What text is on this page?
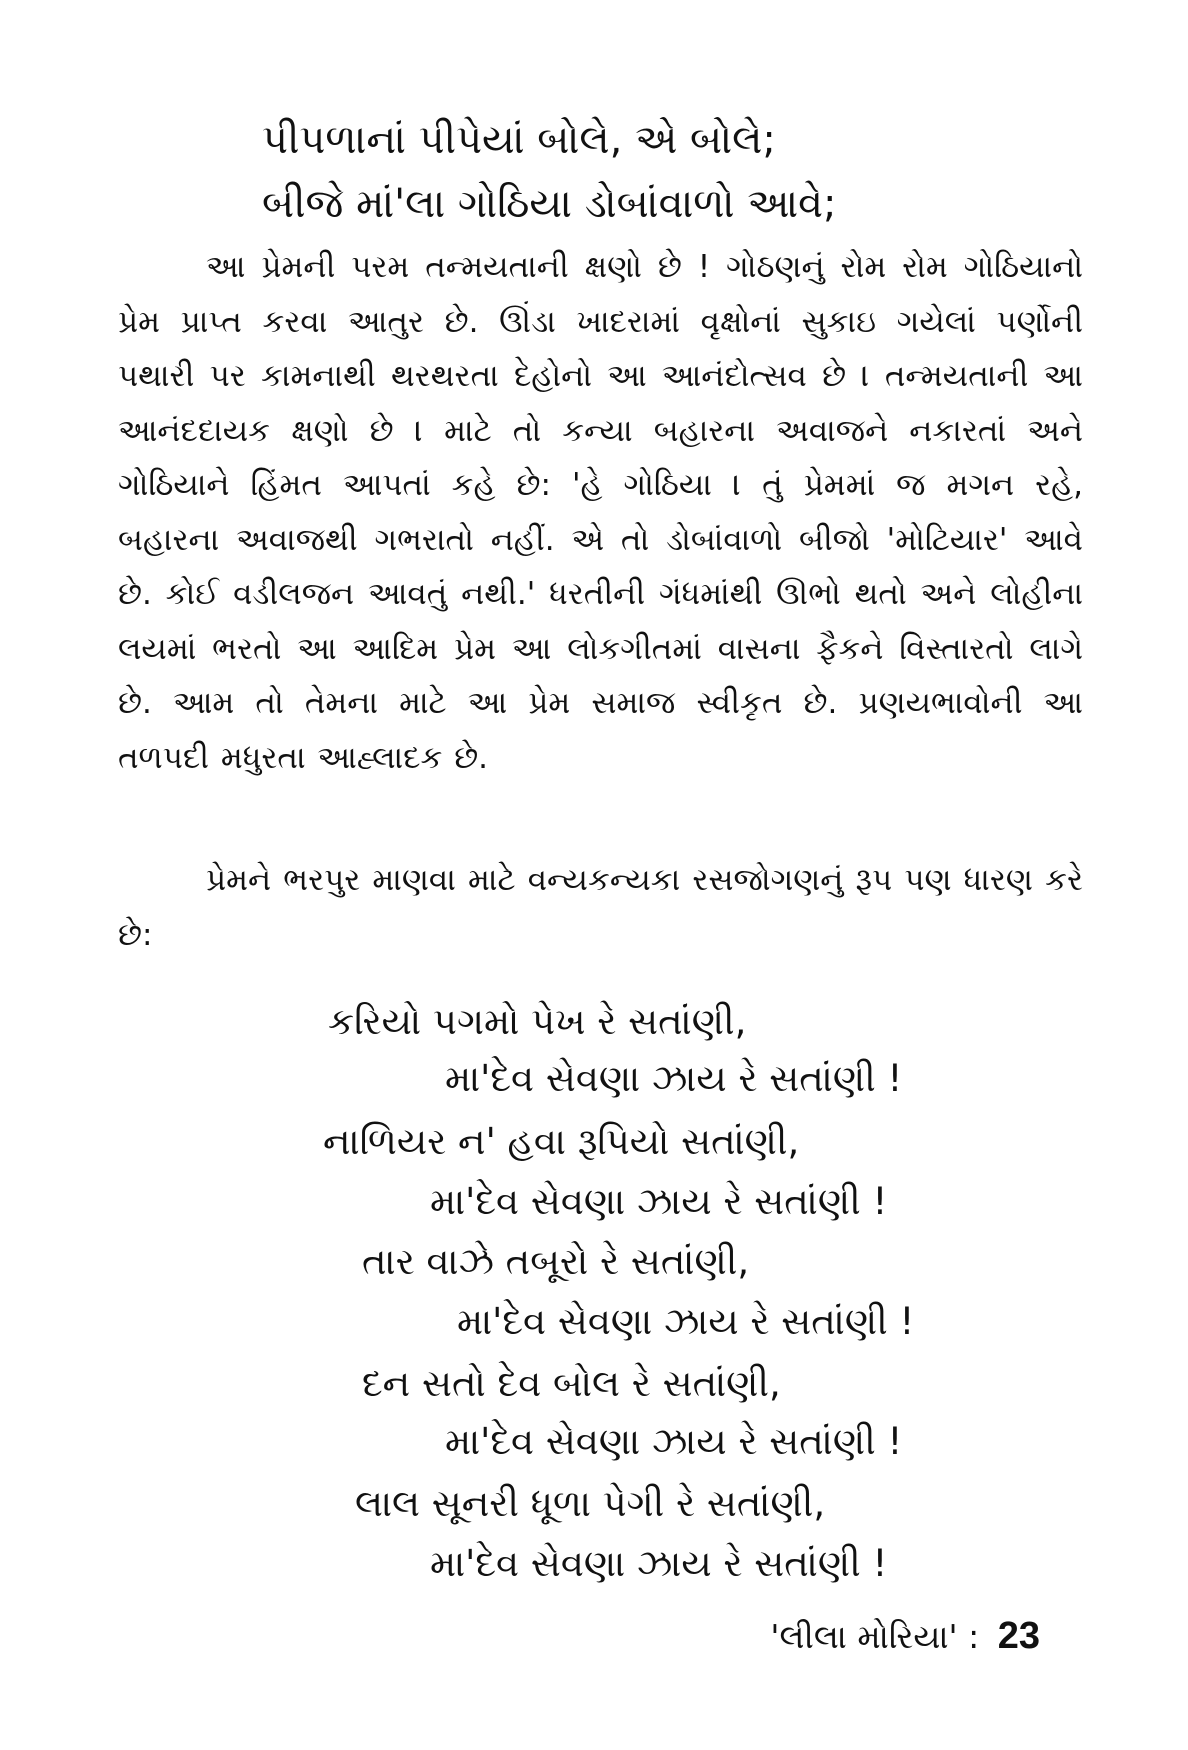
પીપળાનાં પીપેયાં બોલે, એ બોલે;
બીજે માં'લા ગોઠિયા ડોબાંવાળો આવે;
આ પ્રેમની પરમ તન્મયતાની ક્ષણો છે ! ગોઠણનું રોમ રોમ ગોઠિયાનો પ્રેમ પ્રાપ્ત કરવા આતુર છે. ઊંડા ખાદરામાં વૃક્ષોનાં સુકાઇ ગયેલાં પર્ણોની પથારી પર કામનાથી થરથરતા દેહોનો આ આનંદોત્સવ છે । તન્મયતાની આ આનંદદાયક ક્ષણો છે । માટે તો કન્યા બહારના અવાજને નકારતાં અને ગોઠિયાને હિંમત આપતાં કહે છે: 'હે ગોઠિયા । તું પ્રેમમાં જ મગન રહે, બહારના અવાજથી ગભરાતો નહીં. એ તો ડોબાંવાળો બીજો 'મોટિયાર' આવે છે. કોઈ વડીલજન આવતું નથી.' ધરતીની ગંધમાંથી ઊભો થતો અને લોહીના લયમાં ભરતો આ આદિમ પ્રેમ આ લોકગીતમાં વાસના ફૈકને વિસ્તારતો લાગે છે. આમ તો તેમના માટે આ પ્રેમ સમાજ સ્વીકૃત છે. પ્રણયભાવોની આ તળપદી મધુરતા આહ્લાદક છે.
પ્રેમને ભરપુર માણવા માટે વન્યકન્યકા રસજોગણનું રૂપ પણ ધારણ કરે છે:
કરિયો પગમો પેખ રે સતાંણી,
મા'દેવ સેવણા ઝાય રે સતાંણી !
નાળિયર ન' હવા રૂપિયો સતાંણી,
મા'દેવ સેવણા ઝાય રે સતાંણી !
તાર વાઝે તબૂરો રે સતાંણી,
મા'દેવ સેવણા ઝાય રે સતાંણી !
દન સતો દેવ બોલ રે સતાંણી,
મા'દેવ સેવણા ઝાય રે સતાંણી !
લાલ સૂનરી ધૂળા પેગી રે સતાંણી,
મા'દેવ સેવણા ઝાય રે સતાંણી !
'લીલા મોરિયા' : 23
